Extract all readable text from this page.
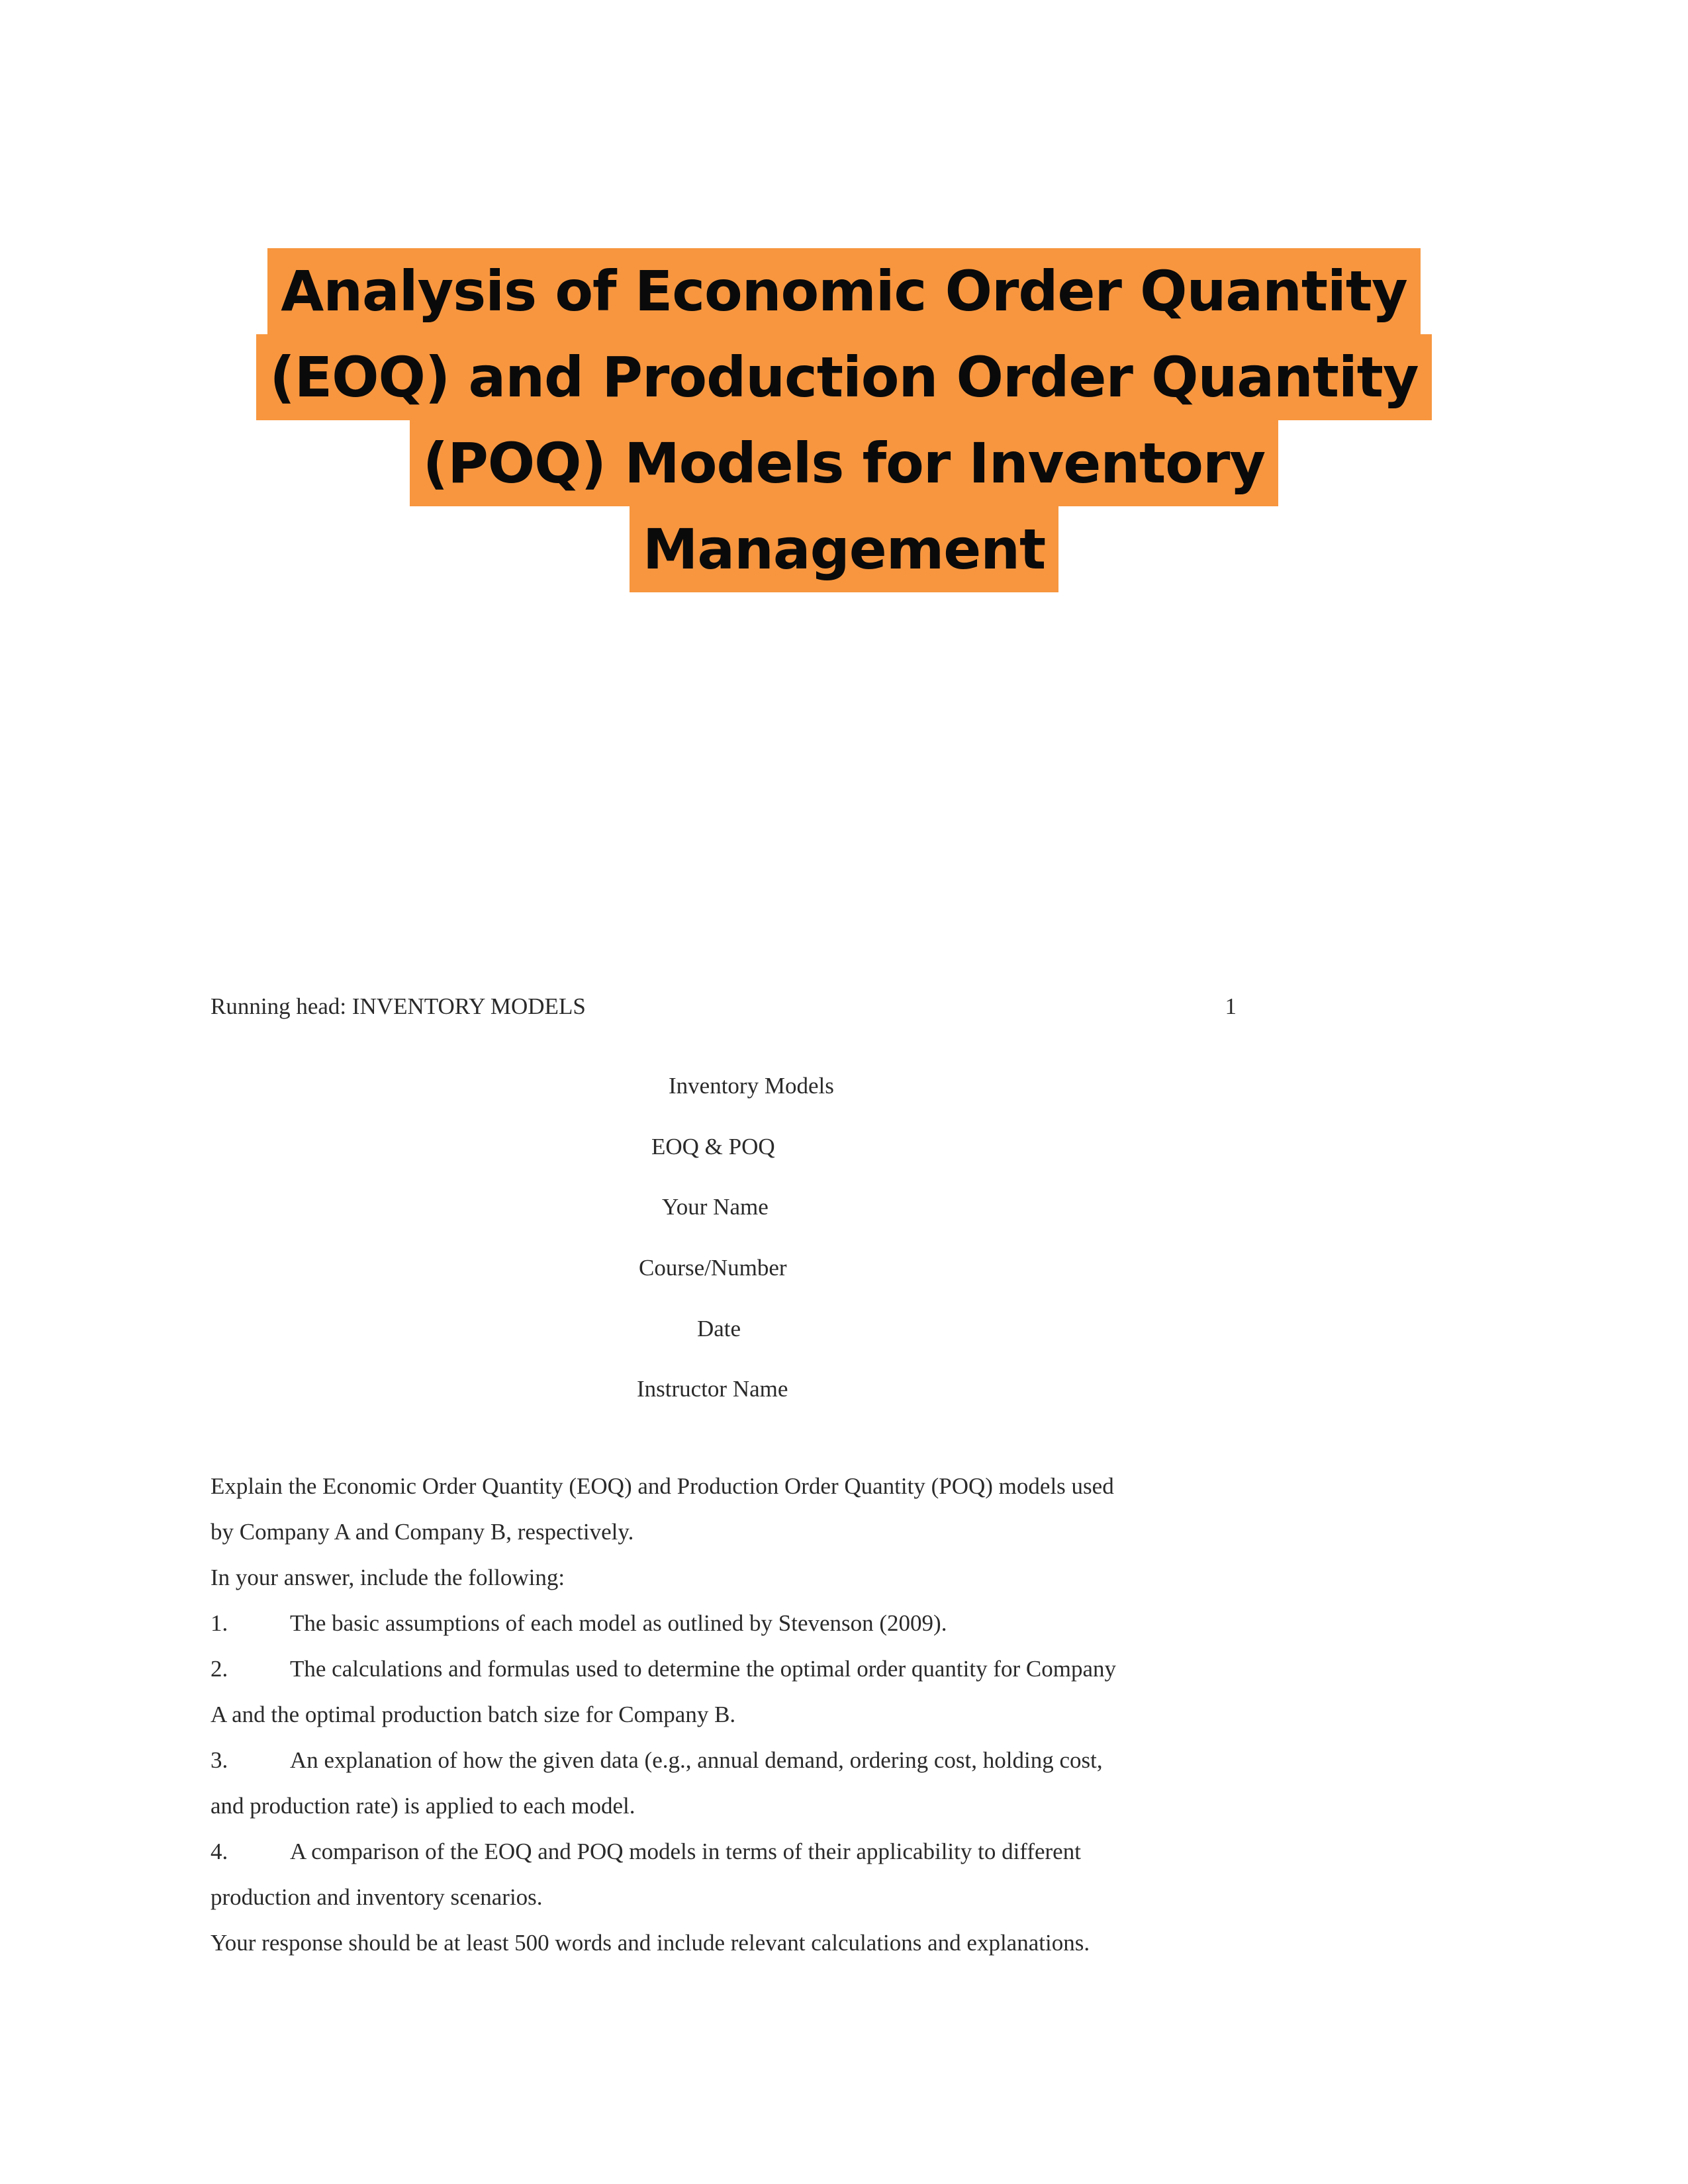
Analysis of Economic Order Quantity
(EOQ) and Production Order Quantity
(POQ) Models for Inventory
Management
Running head: INVENTORY MODELS	1
Inventory Models
EOQ & POQ
Your Name
Course/Number
Date
Instructor Name
Explain the Economic Order Quantity (EOQ) and Production Order Quantity (POQ) models used
by Company A and Company B, respectively.
In your answer, include the following:
1.	The basic assumptions of each model as outlined by Stevenson (2009).
2.	The calculations and formulas used to determine the optimal order quantity for Company
A and the optimal production batch size for Company B.
3.	An explanation of how the given data (e.g., annual demand, ordering cost, holding cost,
and production rate) is applied to each model.
4.	A comparison of the EOQ and POQ models in terms of their applicability to different
production and inventory scenarios.
Your response should be at least 500 words and include relevant calculations and explanations.
